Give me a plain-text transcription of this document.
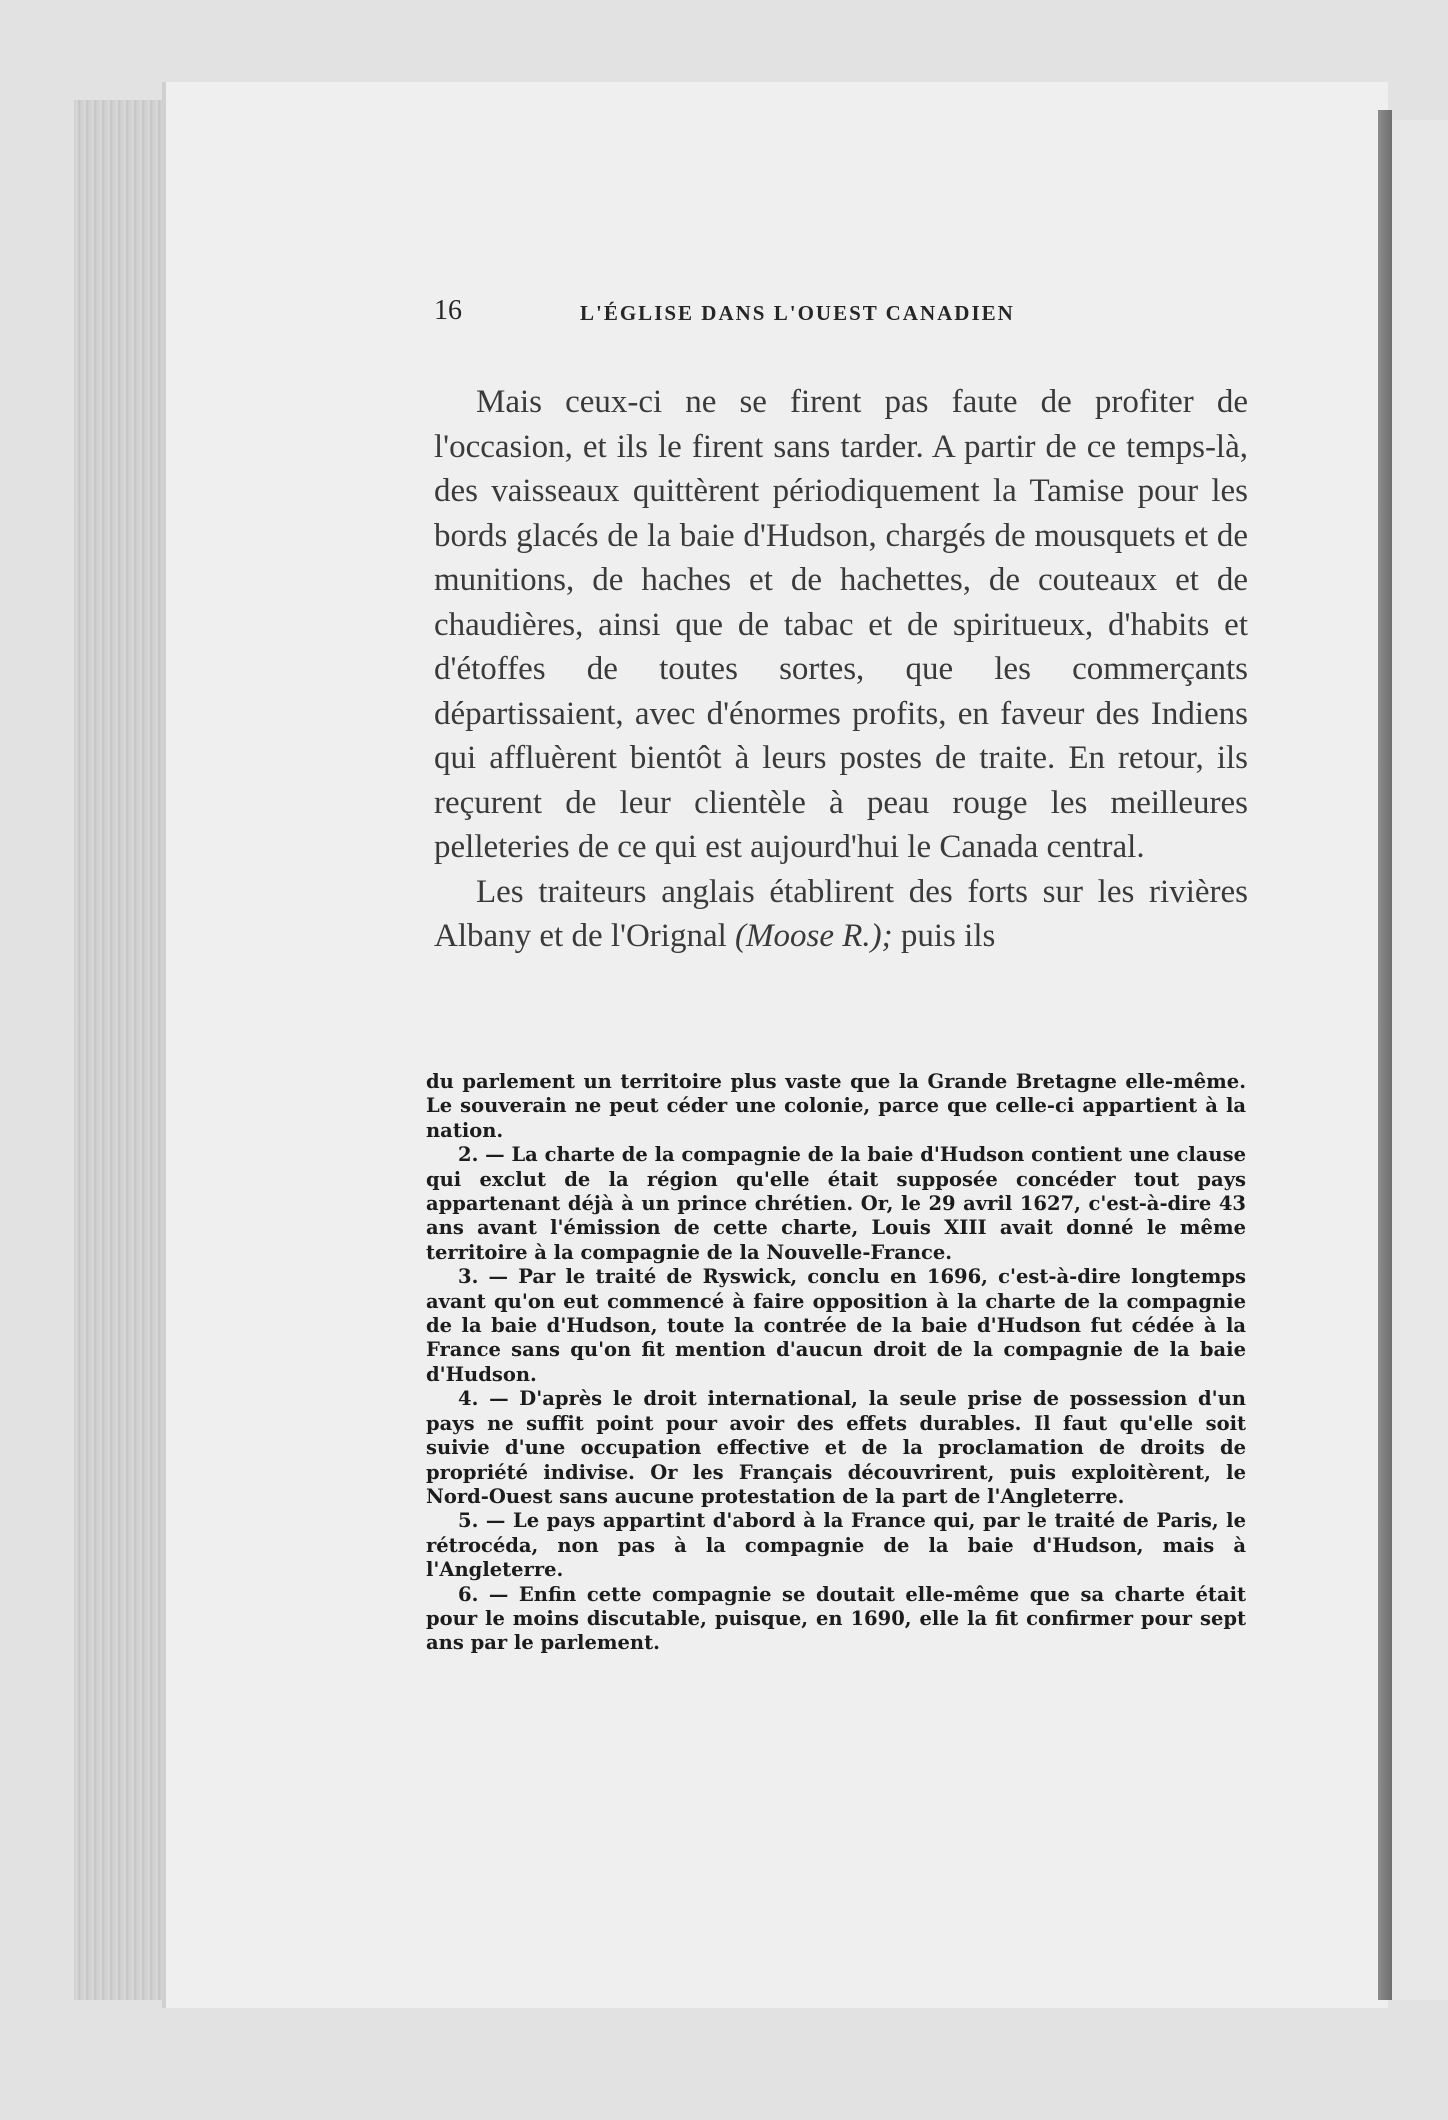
16	L'ÉGLISE DANS L'OUEST CANADIEN

Mais ceux-ci ne se firent pas faute de profiter de l'occasion, et ils le firent sans tarder. A partir de ce temps-là, des vaisseaux quittèrent périodiquement la Tamise pour les bords glacés de la baie d'Hudson, chargés de mousquets et de munitions, de haches et de hachettes, de couteaux et de chaudières, ainsi que de tabac et de spiritueux, d'habits et d'étoffes de toutes sortes, que les commerçants départissaient, avec d'énormes profits, en faveur des Indiens qui affluèrent bientôt à leurs postes de traite. En retour, ils reçurent de leur clientèle à peau rouge les meilleures pelleteries de ce qui est aujourd'hui le Canada central.

Les traiteurs anglais établirent des forts sur les rivières Albany et de l'Orignal (Moose R.); puis ils

du parlement un territoire plus vaste que la Grande Bretagne elle-même. Le souverain ne peut céder une colonie, parce que celle-ci appartient à la nation.

2. — La charte de la compagnie de la baie d'Hudson contient une clause qui exclut de la région qu'elle était supposée concéder tout pays appartenant déjà à un prince chrétien. Or, le 29 avril 1627, c'est-à-dire 43 ans avant l'émission de cette charte, Louis XIII avait donné le même territoire à la compagnie de la Nouvelle-France.

3. — Par le traité de Ryswick, conclu en 1696, c'est-à-dire longtemps avant qu'on eut commencé à faire opposition à la charte de la compagnie de la baie d'Hudson, toute la contrée de la baie d'Hudson fut cédée à la France sans qu'on fit mention d'aucun droit de la compagnie de la baie d'Hudson.

4. — D'après le droit international, la seule prise de possession d'un pays ne suffit point pour avoir des effets durables. Il faut qu'elle soit suivie d'une occupation effective et de la proclamation de droits de propriété indivise. Or les Français découvrirent, puis exploitèrent, le Nord-Ouest sans aucune protestation de la part de l'Angleterre.

5. — Le pays appartint d'abord à la France qui, par le traité de Paris, le rétrocéda, non pas à la compagnie de la baie d'Hudson, mais à l'Angleterre.

6. — Enfin cette compagnie se doutait elle-même que sa charte était pour le moins discutable, puisque, en 1690, elle la fit confirmer pour sept ans par le parlement.
